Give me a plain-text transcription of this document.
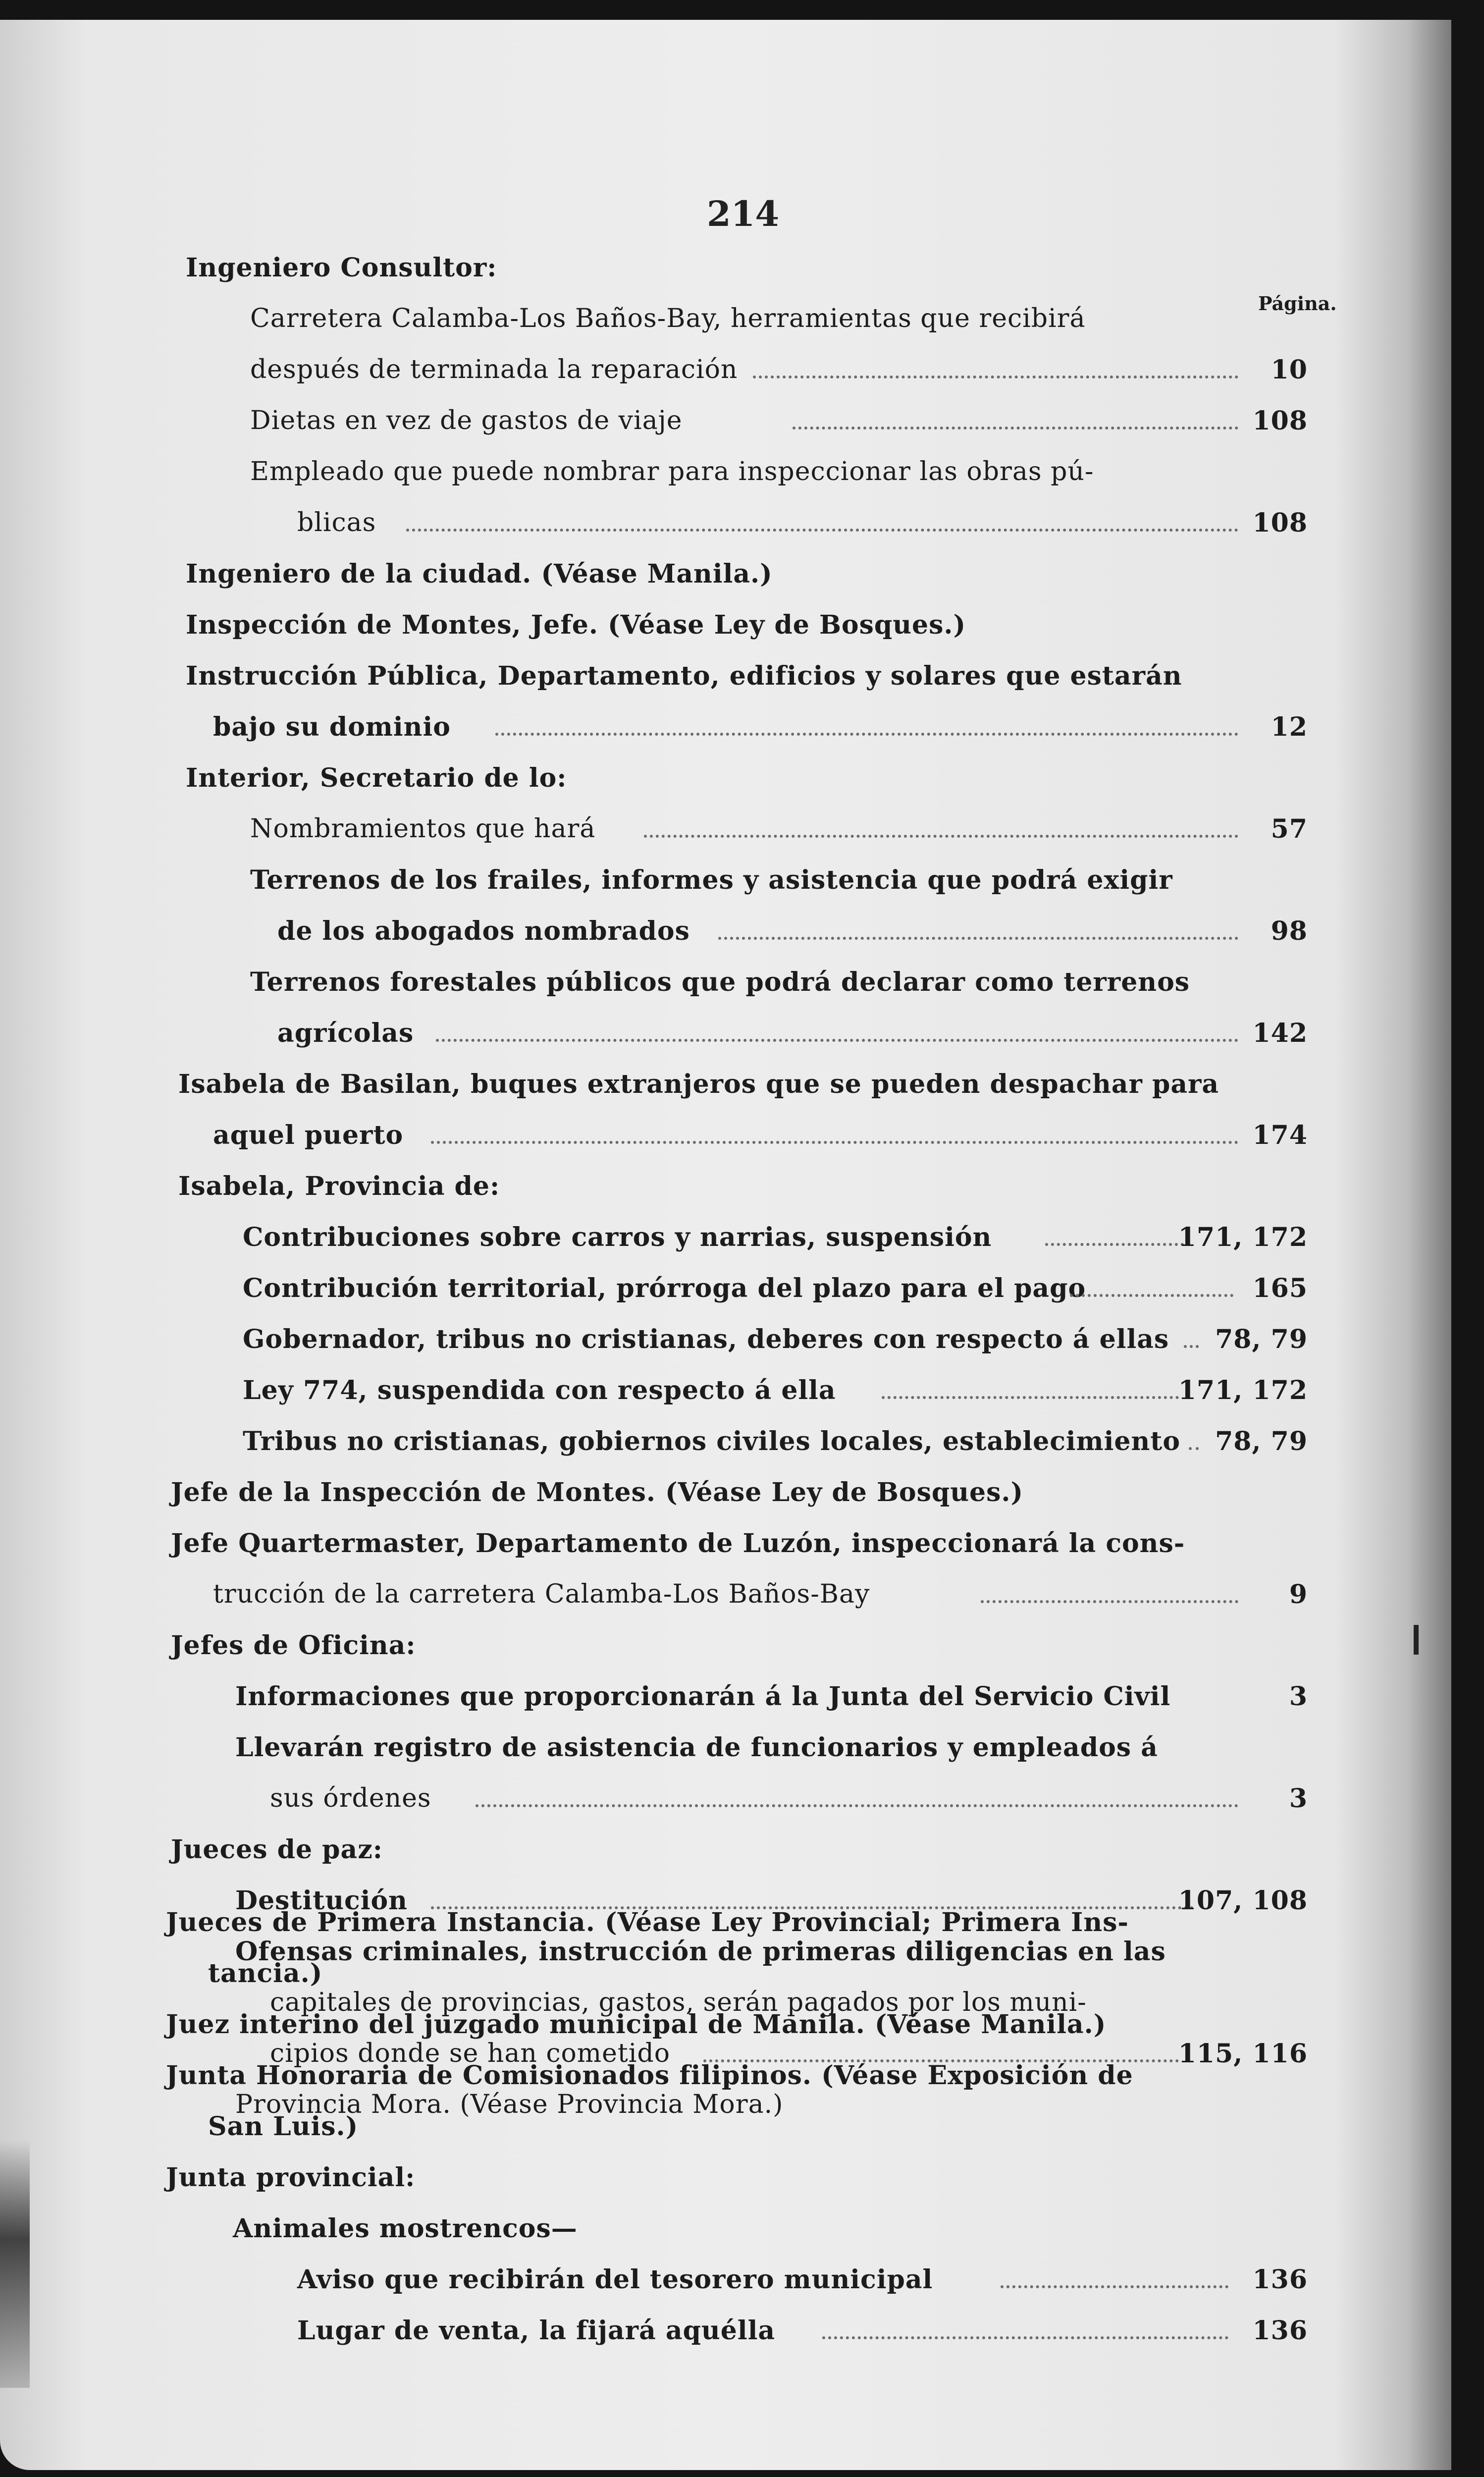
214
Página.
Ingeniero Consultor:
Carretera Calamba-Los Baños-Bay, herramientas que recibirá
después de terminada la reparación	10
Dietas en vez de gastos de viaje	108
Empleado que puede nombrar para inspeccionar las obras pú-
blicas	108
Ingeniero de la ciudad. (Véase Manila.)
Inspección de Montes, Jefe. (Véase Ley de Bosques.)
Instrucción Pública, Departamento, edificios y solares que estarán
bajo su dominio	12
Interior, Secretario de lo:
Nombramientos que hará	57
Terrenos de los frailes, informes y asistencia que podrá exigir
de los abogados nombrados	98
Terrenos forestales públicos que podrá declarar como terrenos
agrícolas	142
Isabela de Basilan, buques extranjeros que se pueden despachar para
aquel puerto	174
Isabela, Provincia de:
Contribuciones sobre carros y narrias, suspensión	171, 172
Contribución territorial, prórroga del plazo para el pago	165
Gobernador, tribus no cristianas, deberes con respecto á ellas 78, 79
Ley 774, suspendida con respecto á ella	171, 172
Tribus no cristianas, gobiernos civiles locales, establecimiento 78, 79
Jefe de la Inspección de Montes. (Véase Ley de Bosques.)
Jefe Quartermaster, Departamento de Luzón, inspeccionará la cons-
trucción de la carretera Calamba-Los Baños-Bay	9
Jefes de Oficina:
Informaciones que proporcionarán á la Junta del Servicio Civil	3
Llevarán registro de asistencia de funcionarios y empleados á
sus órdenes	3
Jueces de paz:
Destitución	107, 108
Ofensas criminales, instrucción de primeras diligencias en las
capitales de provincias, gastos, serán pagados por los muni-
cipios donde se han cometido	115, 116
Provincia Mora. (Véase Provincia Mora.)
Jueces de Primera Instancia. (Véase Ley Provincial; Primera Ins-
tancia.)
Juez interino del juzgado municipal de Manila. (Véase Manila.)
Junta Honoraria de Comisionados filipinos. (Véase Exposición de
San Luis.)
Junta provincial:
Animales mostrencos—
Aviso que recibirán del tesorero municipal	136
Lugar de venta, la fijará aquélla	136
